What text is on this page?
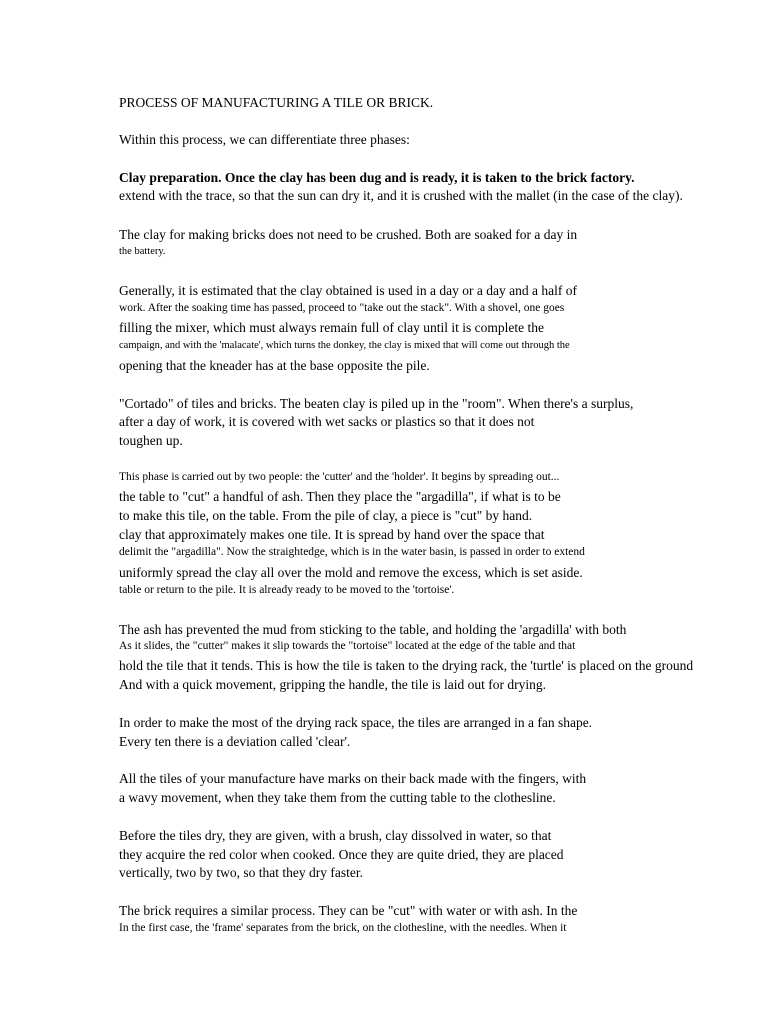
PROCESS OF MANUFACTURING A TILE OR BRICK.
Within this process, we can differentiate three phases:
Clay preparation. Once the clay has been dug and is ready, it is taken to the brick factory.
extend with the trace, so that the sun can dry it, and it is crushed with the mallet (in the case of the clay).
The clay for making bricks does not need to be crushed. Both are soaked for a day in
the battery.
Generally, it is estimated that the clay obtained is used in a day or a day and a half of
work. After the soaking time has passed, proceed to "take out the stack". With a shovel, one goes
filling the mixer, which must always remain full of clay until it is complete the
campaign, and with the 'malacate', which turns the donkey, the clay is mixed that will come out through the
opening that the kneader has at the base opposite the pile.
"Cortado" of tiles and bricks. The beaten clay is piled up in the "room". When there's a surplus,
after a day of work, it is covered with wet sacks or plastics so that it does not
toughen up.
This phase is carried out by two people: the 'cutter' and the 'holder'. It begins by spreading out...
the table to "cut" a handful of ash. Then they place the "argadilla", if what is to be
to make this tile, on the table. From the pile of clay, a piece is "cut" by hand.
clay that approximately makes one tile. It is spread by hand over the space that
delimit the "argadilla". Now the straightedge, which is in the water basin, is passed in order to extend
uniformly spread the clay all over the mold and remove the excess, which is set aside.
table or return to the pile. It is already ready to be moved to the 'tortoise'.
The ash has prevented the mud from sticking to the table, and holding the 'argadilla' with both
As it slides, the "cutter" makes it slip towards the "tortoise" located at the edge of the table and that
hold the tile that it tends. This is how the tile is taken to the drying rack, the 'turtle' is placed on the ground
And with a quick movement, gripping the handle, the tile is laid out for drying.
In order to make the most of the drying rack space, the tiles are arranged in a fan shape.
Every ten there is a deviation called 'clear'.
All the tiles of your manufacture have marks on their back made with the fingers, with
a wavy movement, when they take them from the cutting table to the clothesline.
Before the tiles dry, they are given, with a brush, clay dissolved in water, so that
they acquire the red color when cooked. Once they are quite dried, they are placed
vertically, two by two, so that they dry faster.
The brick requires a similar process. They can be "cut" with water or with ash. In the
In the first case, the 'frame' separates from the brick, on the clothesline, with the needles. When it
